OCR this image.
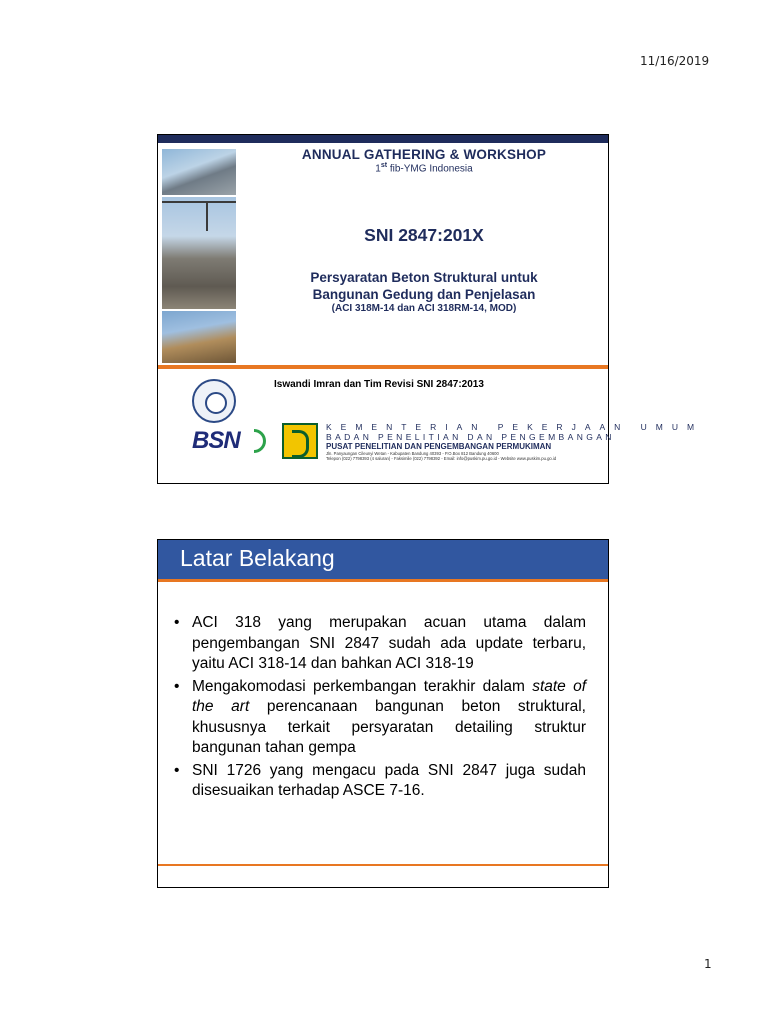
11/16/2019
ANNUAL GATHERING & WORKSHOP
1st fib-YMG Indonesia
SNI 2847:201X
Persyaratan Beton Struktural untuk
Bangunan Gedung dan Penjelasan
(ACI 318M-14 dan ACI 318RM-14, MOD)
Iswandi Imran dan Tim Revisi SNI 2847:2013
BSN	KEMENTERIAN PEKERJAAN UMUM
BADAN PENELITIAN DAN PENGEMBANGAN
PUSAT PENELITIAN DAN PENGEMBANGAN PERMUKIMAN
Jln. Panyaungan Cileunyi Wetan - Kabupaten Bandung 40393 - P.O.Box 812 Bandung 40600
Telepon (022) 7798393 (4 saluran) - Faksimile (022) 7798392 - Email: info@puskim.pu.go.id - Website www.puskim.pu.go.id
Latar Belakang
• ACI 318 yang merupakan acuan utama dalam pengembangan SNI 2847 sudah ada update terbaru, yaitu ACI 318-14 dan bahkan ACI 318-19
• Mengakomodasi perkembangan terakhir dalam state of the art perencanaan bangunan beton struktural, khususnya terkait persyaratan detailing struktur bangunan tahan gempa
• SNI 1726 yang mengacu pada SNI 2847 juga sudah disesuaikan terhadap ASCE 7-16.
1
